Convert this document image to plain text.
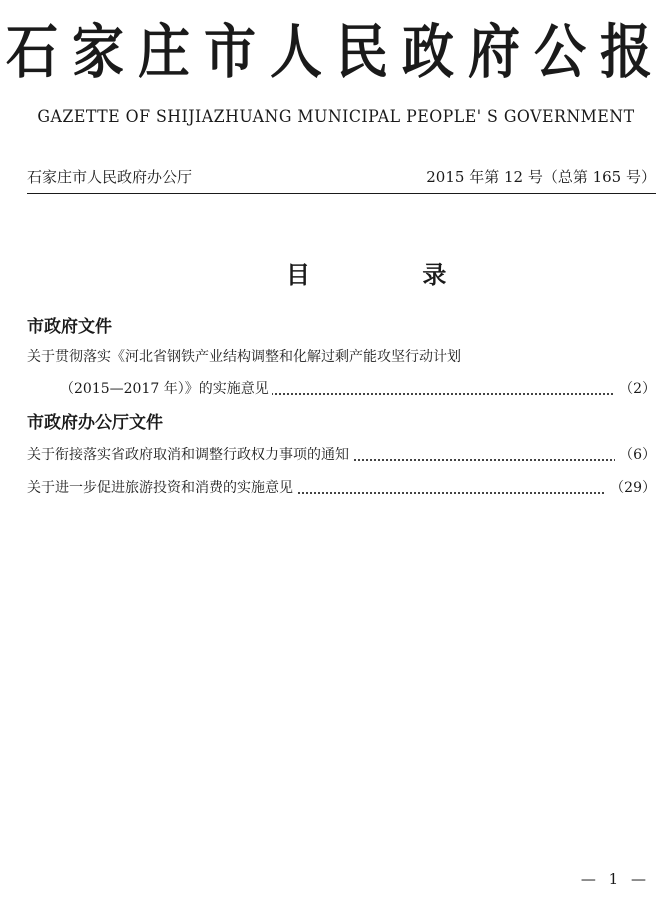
石家庄市人民政府公报
GAZETTE OF SHIJIAZHUANG MUNICIPAL PEOPLE' S GOVERNMENT
石家庄市人民政府办公厅	2015 年第 12 号（总第 165 号）
目 录
市政府文件
关于贯彻落实《河北省钢铁产业结构调整和化解过剩产能攻坚行动计划
（2015—2017 年）》的实施意见	（2）
市政府办公厅文件
关于衔接落实省政府取消和调整行政权力事项的通知	（6）
关于进一步促进旅游投资和消费的实施意见	（29）
— 1 —
